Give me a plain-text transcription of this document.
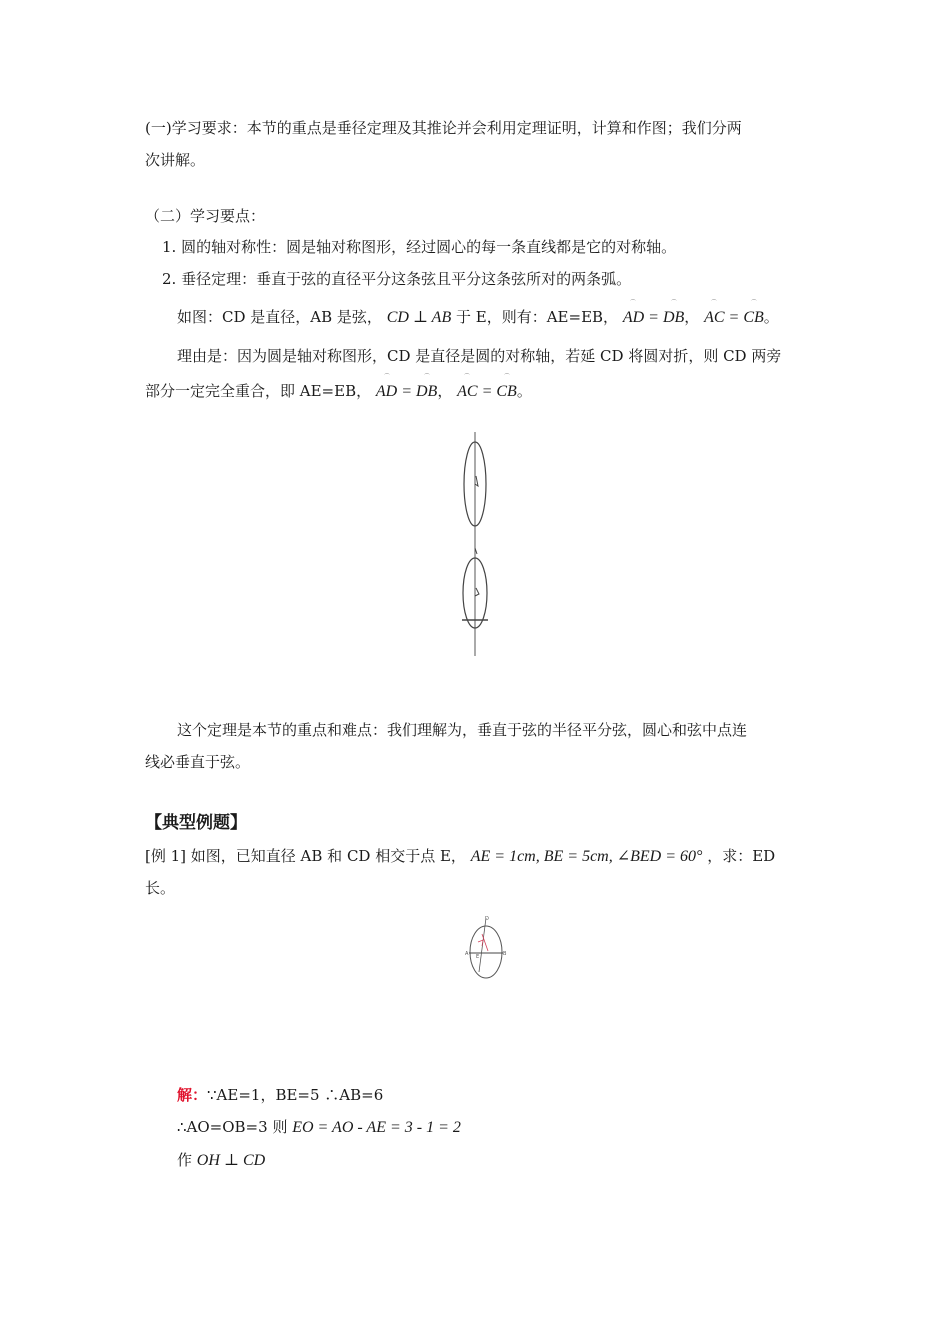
(一)学习要求：本节的重点是垂径定理及其推论并会利用定理证明，计算和作图；我们分两
次讲解。
（二）学习要点：
1. 圆的轴对称性：圆是轴对称图形，经过圆心的每一条直线都是它的对称轴。
2. 垂径定理：垂直于弦的直径平分这条弦且平分这条弦所对的两条弧。
如图：CD 是直径，AB 是弦， CD ⊥ AB 于 E，则有：AE=EB， ⌒ AD = ⌒ DB， ⌒ AC = ⌒ CB。
理由是：因为圆是轴对称图形，CD 是直径是圆的对称轴，若延 CD 将圆对折，则 CD 两旁
部分一定完全重合，即 AE=EB， ⌒ AD = ⌒ DB， ⌒ AC = ⌒ CB。
这个定理是本节的重点和难点：我们理解为，垂直于弦的半径平分弦，圆心和弦中点连
线必垂直于弦。
【典型例题】
[例 1] 如图，已知直径 AB 和 CD 相交于点 E， AE = 1cm, BE = 5cm, ∠BED = 60° ，求：ED
长。
D
A E	B
解：∵AE=1，BE=5 ∴AB=6
∴AO=OB=3 则 EO = AO - AE = 3 - 1 = 2
作 OH ⊥ CD
